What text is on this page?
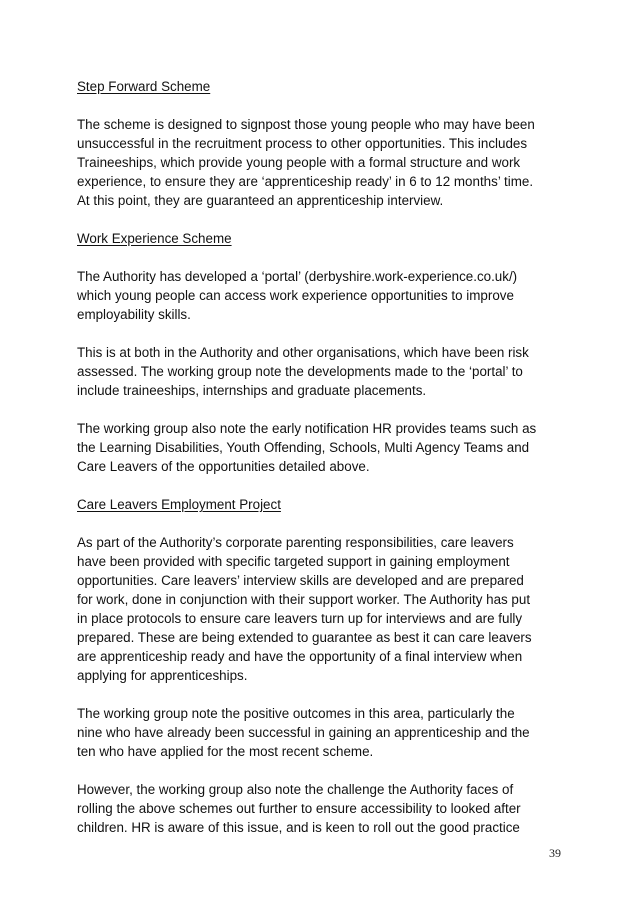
Step Forward Scheme
The scheme is designed to signpost those young people who may have been
unsuccessful in the recruitment process to other opportunities. This includes
Traineeships, which provide young people with a formal structure and work
experience, to ensure they are ‘apprenticeship ready’ in 6 to 12 months’ time.
At this point, they are guaranteed an apprenticeship interview.
Work Experience Scheme
The Authority has developed a ‘portal’ (derbyshire.work-experience.co.uk/)
which young people can access work experience opportunities to improve
employability skills.
This is at both in the Authority and other organisations, which have been risk
assessed. The working group note the developments made to the ‘portal’ to
include traineeships, internships and graduate placements.
The working group also note the early notification HR provides teams such as
the Learning Disabilities, Youth Offending, Schools, Multi Agency Teams and
Care Leavers of the opportunities detailed above.
Care Leavers Employment Project
As part of the Authority’s corporate parenting responsibilities, care leavers
have been provided with specific targeted support in gaining employment
opportunities. Care leavers’ interview skills are developed and are prepared
for work, done in conjunction with their support worker. The Authority has put
in place protocols to ensure care leavers turn up for interviews and are fully
prepared. These are being extended to guarantee as best it can care leavers
are apprenticeship ready and have the opportunity of a final interview when
applying for apprenticeships.
The working group note the positive outcomes in this area, particularly the
nine who have already been successful in gaining an apprenticeship and the
ten who have applied for the most recent scheme.
However, the working group also note the challenge the Authority faces of
rolling the above schemes out further to ensure accessibility to looked after
children. HR is aware of this issue, and is keen to roll out the good practice
39
